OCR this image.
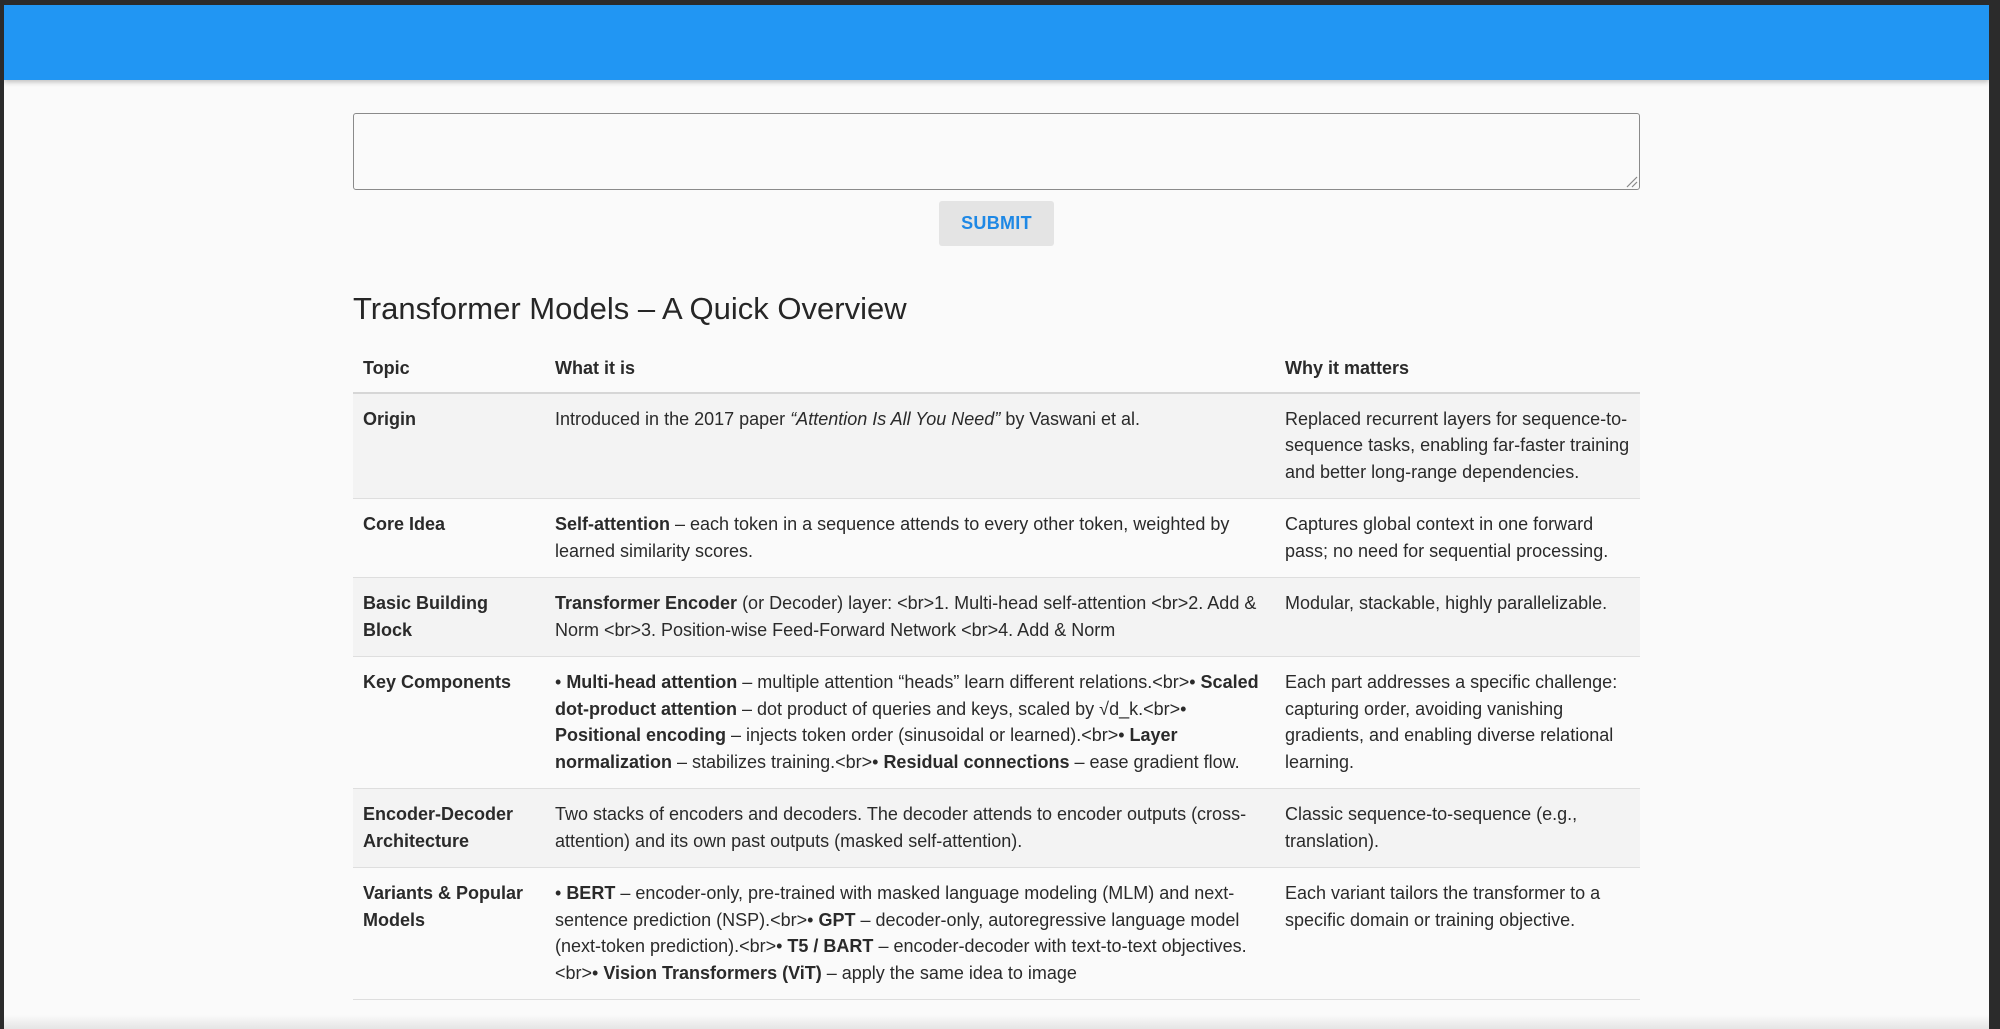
SUBMIT
Transformer Models – A Quick Overview
Topic	What it is	Why it matters
Origin	Introduced in the 2017 paper “Attention Is All You Need” by Vaswani et al.	Replaced recurrent layers for sequence-to-sequence tasks, enabling far-faster training and better long-range dependencies.
Core Idea	Self-attention – each token in a sequence attends to every other token, weighted by learned similarity scores.	Captures global context in one forward pass; no need for sequential processing.
Basic Building Block	Transformer Encoder (or Decoder) layer: <br>1. Multi-head self-attention <br>2. Add & Norm <br>3. Position-wise Feed-Forward Network <br>4. Add & Norm	Modular, stackable, highly parallelizable.
Key Components	• Multi-head attention – multiple attention “heads” learn different relations.<br>• Scaled dot-product attention – dot product of queries and keys, scaled by √d_k.<br>• Positional encoding – injects token order (sinusoidal or learned).<br>• Layer normalization – stabilizes training.<br>• Residual connections – ease gradient flow.	Each part addresses a specific challenge: capturing order, avoiding vanishing gradients, and enabling diverse relational learning.
Encoder-Decoder Architecture	Two stacks of encoders and decoders. The decoder attends to encoder outputs (cross-attention) and its own past outputs (masked self-attention).	Classic sequence-to-sequence (e.g., translation).
Variants & Popular Models	• BERT – encoder-only, pre-trained with masked language modeling (MLM) and next-sentence prediction (NSP).<br>• GPT – decoder-only, autoregressive language model (next-token prediction).<br>• T5 / BART – encoder-decoder with text-to-text objectives.<br>• Vision Transformers (ViT) – apply the same idea to image	Each variant tailors the transformer to a specific domain or training objective.
